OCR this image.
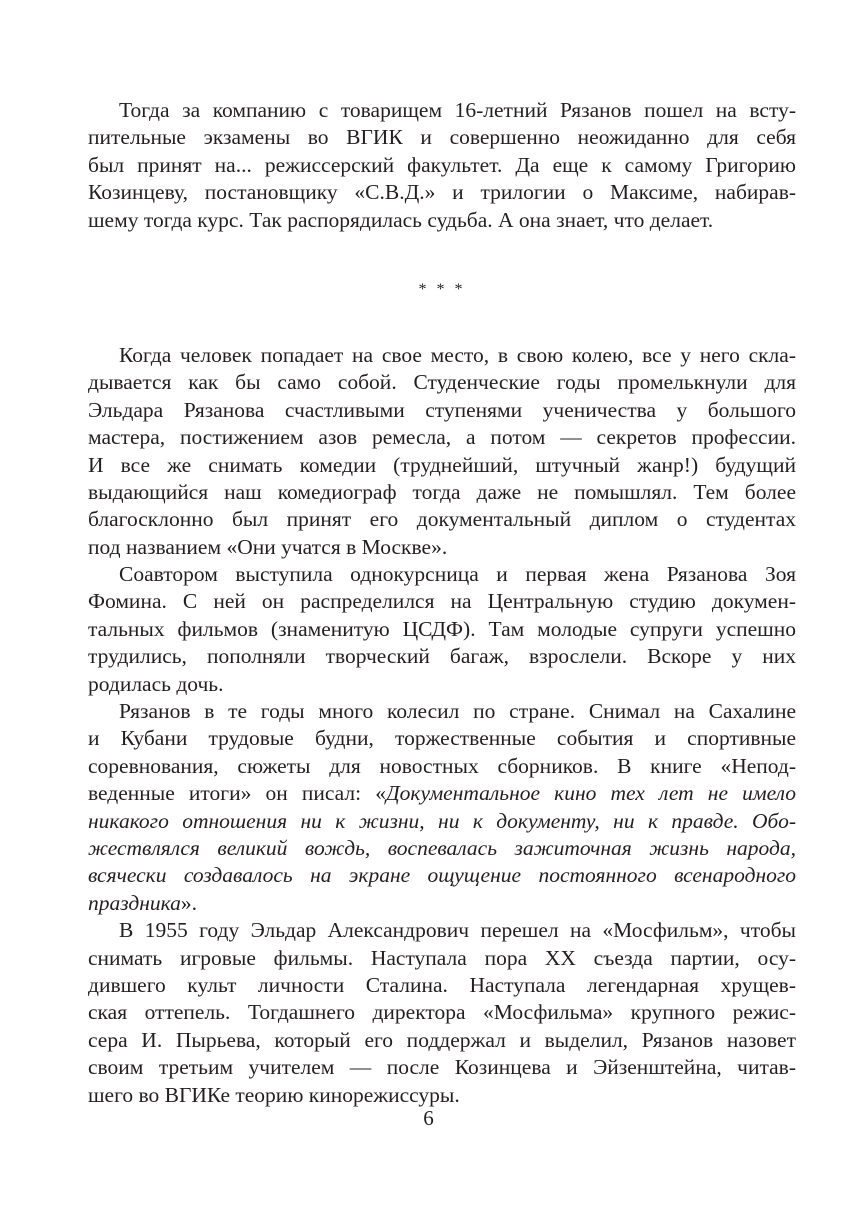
Тогда за компанию с товарищем 16-летний Рязанов пошел на всту-
пительные экзамены во ВГИК и совершенно неожиданно для себя
был принят на... режиссерский факультет. Да еще к самому Григорию
Козинцеву, постановщику «С.В.Д.» и трилогии о Максиме, набирав-
шему тогда курс. Так распорядилась судьба. А она знает, что делает.
* * *
Когда человек попадает на свое место, в свою колею, все у него скла-
дывается как бы само собой. Студенческие годы промелькнули для
Эльдара Рязанова счастливыми ступенями ученичества у большого
мастера, постижением азов ремесла, а потом — секретов профессии.
И все же снимать комедии (труднейший, штучный жанр!) будущий
выдающийся наш комедиограф тогда даже не помышлял. Тем более
благосклонно был принят его документальный диплом о студентах
под названием «Они учатся в Москве».
Соавтором выступила однокурсница и первая жена Рязанова Зоя
Фомина. С ней он распределился на Центральную студию докумен-
тальных фильмов (знаменитую ЦСДФ). Там молодые супруги успешно
трудились, пополняли творческий багаж, взрослели. Вскоре у них
родилась дочь.
Рязанов в те годы много колесил по стране. Снимал на Сахалине
и Кубани трудовые будни, торжественные события и спортивные
соревнования, сюжеты для новостных сборников. В книге «Непод-
веденные итоги» он писал: «Документальное кино тех лет не имело
никакого отношения ни к жизни, ни к документу, ни к правде. Обо-
жествлялся великий вождь, воспевалась зажиточная жизнь народа,
всячески создавалось на экране ощущение постоянного всенародного
праздника».
В 1955 году Эльдар Александрович перешел на «Мосфильм», чтобы
снимать игровые фильмы. Наступала пора XX съезда партии, осу-
дившего культ личности Сталина. Наступала легендарная хрущев-
ская оттепель. Тогдашнего директора «Мосфильма» крупного режис-
сера И. Пырьева, который его поддержал и выделил, Рязанов назовет
своим третьим учителем — после Козинцева и Эйзенштейна, читав-
шего во ВГИКе теорию кинорежиссуры.
6
